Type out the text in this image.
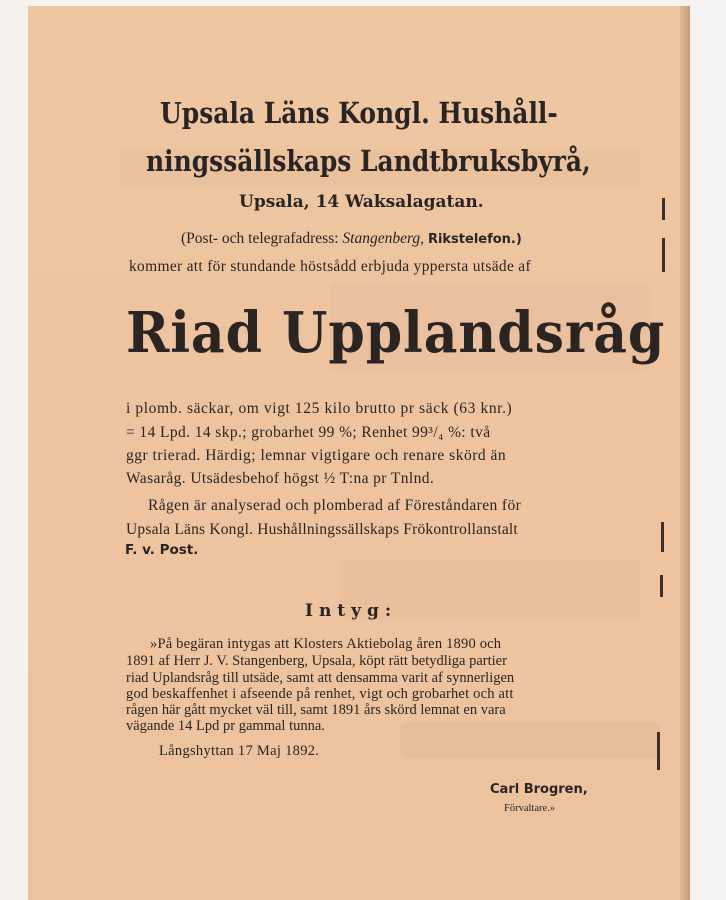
Upsala Läns Kongl. Hushåll-
ningssällskaps Landtbruksbyrå,
Upsala, 14 Waksalagatan.
(Post- och telegrafadress: Stangenberg, Rikstelefon.)
kommer att för stundande höstsådd erbjuda yppersta utsäde af
Riad Upplandsråg
i plomb. säckar, om vigt 125 kilo brutto pr säck (63 knr.)
= 14 Lpd. 14 skp.; grobarhet 99 %; Renhet 99³/₄ %: två
ggr trierad. Härdig; lemnar vigtigare och renare skörd än
Wasaråg. Utsädesbehof högst ½ T:na pr Tnlnd.
Rågen är analyserad och plomberad af Föreståndaren för
Upsala Läns Kongl. Hushållningssällskaps Frökontrollanstalt
F. v. Post.
Intyg:
»På begäran intygas att Klosters Aktiebolag åren 1890 och
1891 af Herr J. V. Stangenberg, Upsala, köpt rätt betydliga partier
riad Uplandsråg till utsäde, samt att densamma varit af synnerligen
god beskaffenhet i afseende på renhet, vigt och grobarhet och att
rågen här gått mycket väl till, samt 1891 års skörd lemnat en vara
vägande 14 Lpd pr gammal tunna.
Långshyttan 17 Maj 1892.
Carl Brogren,
Förvaltare.»
